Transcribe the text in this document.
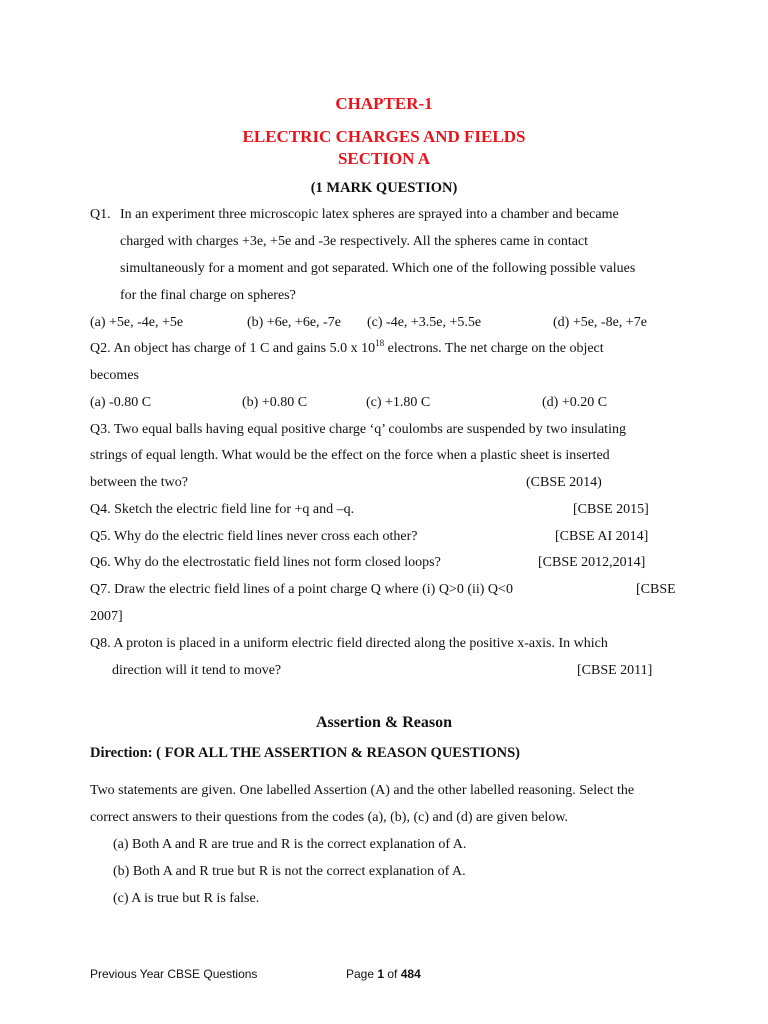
CHAPTER-1
ELECTRIC CHARGES AND FIELDS
SECTION A
(1 MARK QUESTION)
Q1. In an experiment three microscopic latex spheres are sprayed into a chamber and became
charged with charges +3e, +5e and -3e respectively. All the spheres came in contact
simultaneously for a moment and got separated. Which one of the following possible values
for the final charge on spheres?
(a) +5e, -4e, +5e	(b) +6e, +6e, -7e (c) -4e, +3.5e, +5.5e	(d) +5e, -8e, +7e
Q2. An object has charge of 1 C and gains 5.0 x $10^{18}$ electrons. The net charge on the object
becomes
(a) -0.80 C	(b) +0.80 C	(c) +1.80 C	(d) +0.20 C
Q3. Two equal balls having equal positive charge ‘q’ coulombs are suspended by two insulating
strings of equal length. What would be the effect on the force when a plastic sheet is inserted
between the two?	(CBSE 2014)
Q4. Sketch the electric field line for +q and –q.	[CBSE 2015]
Q5. Why do the electric field lines never cross each other?	[CBSE AI 2014]
Q6. Why do the electrostatic field lines not form closed loops?	[CBSE 2012,2014]
Q7. Draw the electric field lines of a point charge Q where (i) Q>0 (ii) Q<0	[CBSE
2007]
Q8. A proton is placed in a uniform electric field directed along the positive x-axis. In which
direction will it tend to move?	[CBSE 2011]
Assertion & Reason
Direction: ( FOR ALL THE ASSERTION & REASON QUESTIONS)
Two statements are given. One labelled Assertion (A) and the other labelled reasoning. Select the
correct answers to their questions from the codes (a), (b), (c) and (d) are given below.
(a) Both A and R are true and R is the correct explanation of A.
(b) Both A and R true but R is not the correct explanation of A.
(c) A is true but R is false.
Previous Year CBSE Questions	Page 1 of 484
